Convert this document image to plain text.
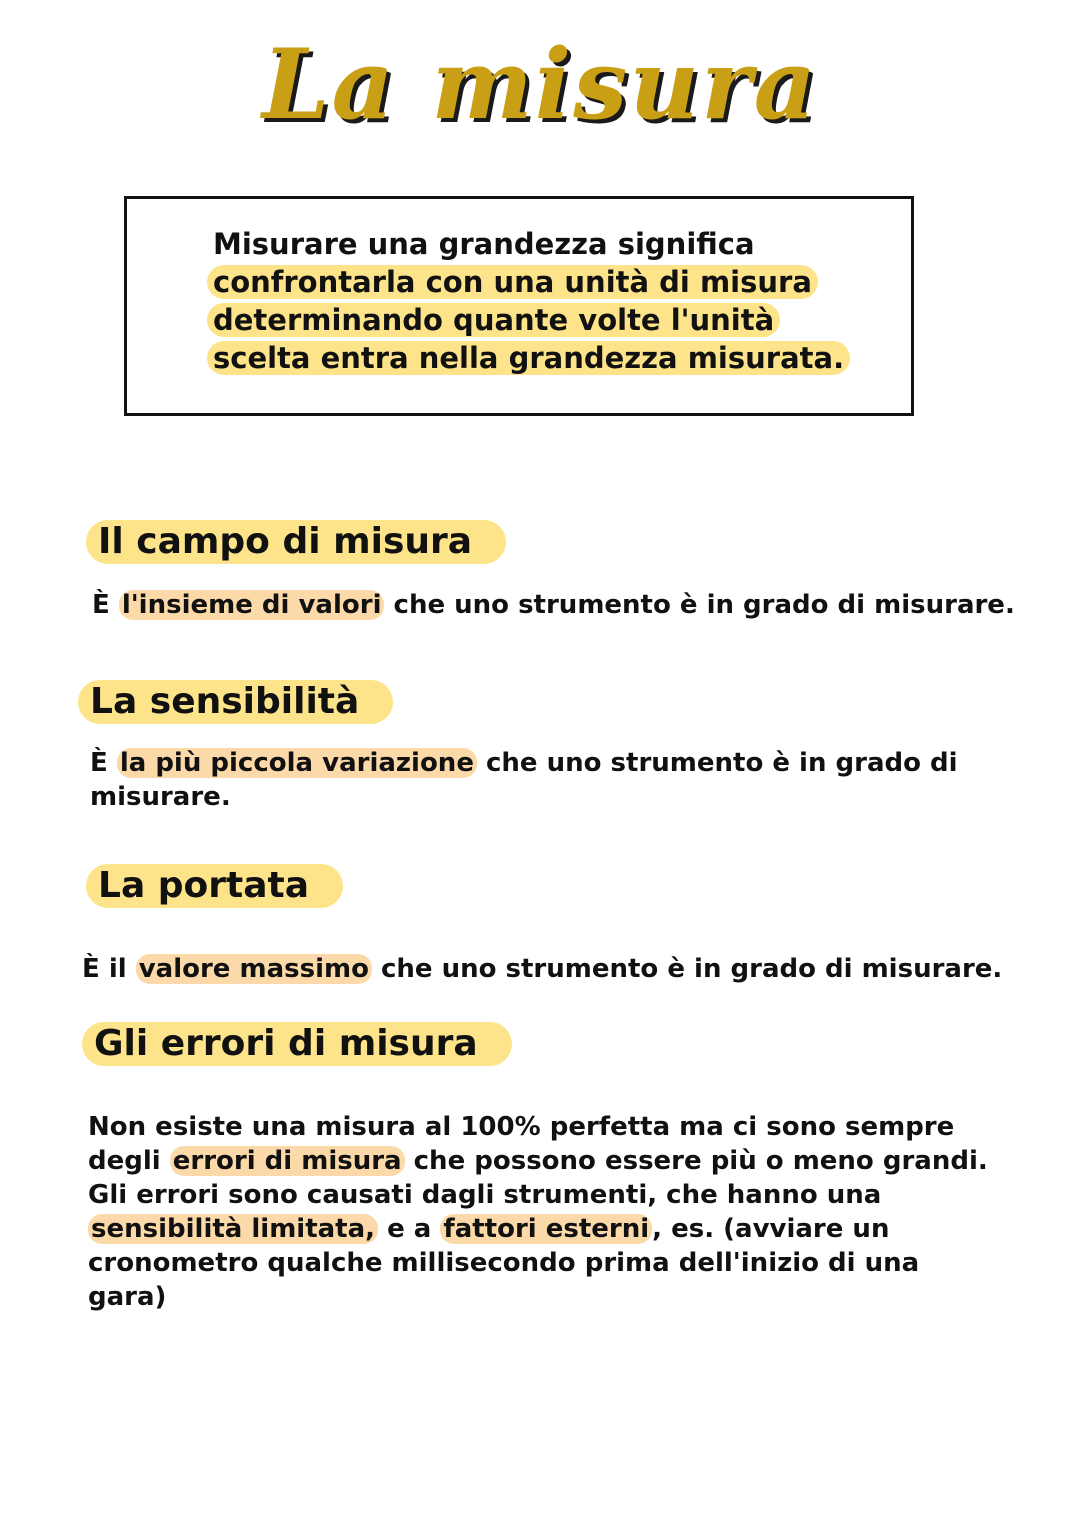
La misura
Misurare una grandezza significa
confrontarla con una unità di misura
determinando quante volte l'unità
scelta entra nella grandezza misurata.
Il campo di misura
È l'insieme di valori che uno strumento è in grado di misurare.
La sensibilità
È la più piccola variazione che uno strumento è in grado di
misurare.
La portata
È il valore massimo che uno strumento è in grado di misurare.
Gli errori di misura
Non esiste una misura al 100% perfetta ma ci sono sempre
degli errori di misura che possono essere più o meno grandi.
Gli errori sono causati dagli strumenti, che hanno una
sensibilità limitata, e a fattori esterni , es. (avviare un
cronometro qualche millisecondo prima dell'inizio di una
gara)
